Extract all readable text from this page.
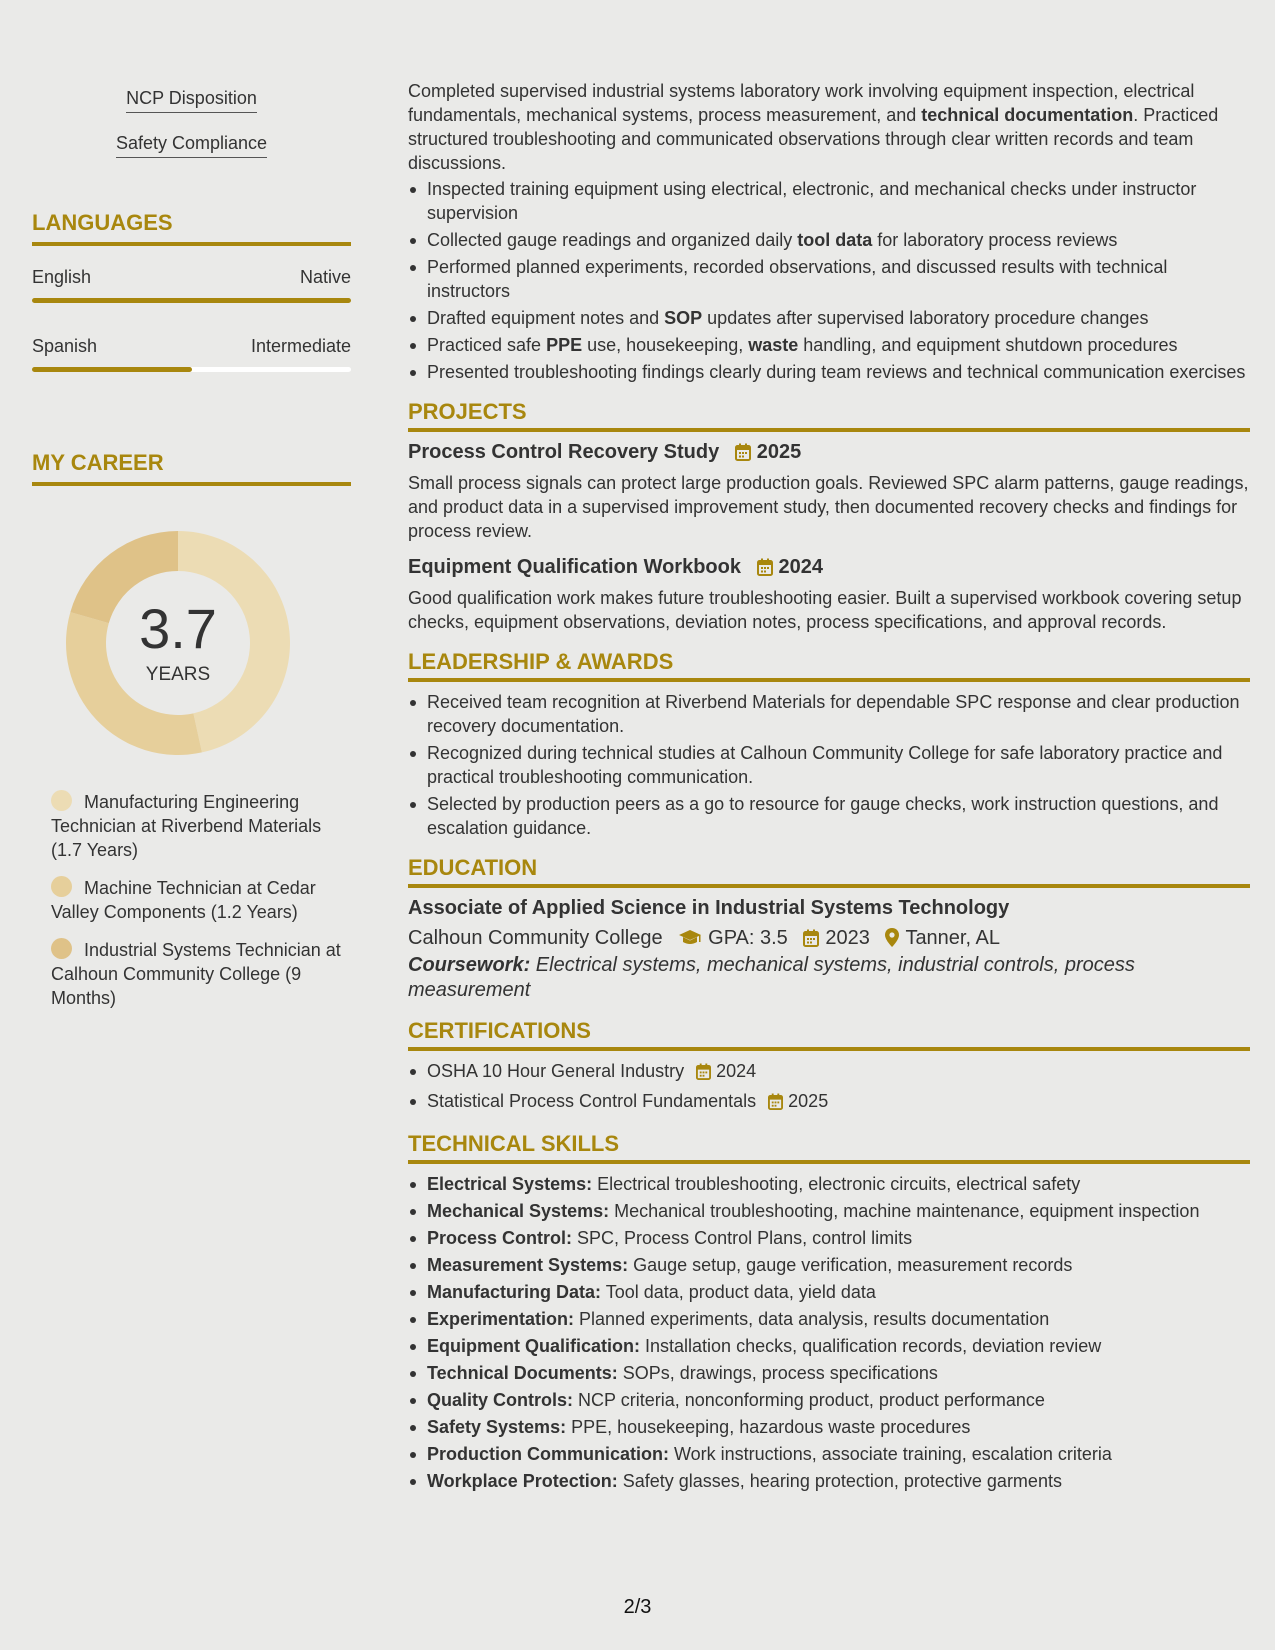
NCP Disposition
Safety Compliance
LANGUAGES
English	Native
Spanish	Intermediate
MY CAREER
3.7
YEARS
Manufacturing Engineering Technician at Riverbend Materials (1.7 Years)
Machine Technician at Cedar Valley Components (1.2 Years)
Industrial Systems Technician at Calhoun Community College (9 Months)

Completed supervised industrial systems laboratory work involving equipment inspection, electrical fundamentals, mechanical systems, process measurement, and technical documentation. Practiced structured troubleshooting and communicated observations through clear written records and team discussions.

Inspected training equipment using electrical, electronic, and mechanical checks under instructor supervision
Collected gauge readings and organized daily tool data for laboratory process reviews
Performed planned experiments, recorded observations, and discussed results with technical instructors
Drafted equipment notes and SOP updates after supervised laboratory procedure changes
Practiced safe PPE use, housekeeping, waste handling, and equipment shutdown procedures
Presented troubleshooting findings clearly during team reviews and technical communication exercises
PROJECTS
Process Control Recovery Study 2025

Small process signals can protect large production goals. Reviewed SPC alarm patterns, gauge readings, and product data in a supervised improvement study, then documented recovery checks and findings for process review.

Equipment Qualification Workbook 2024

Good qualification work makes future troubleshooting easier. Built a supervised workbook covering setup checks, equipment observations, deviation notes, process specifications, and approval records.

LEADERSHIP & AWARDS
Received team recognition at Riverbend Materials for dependable SPC response and clear production recovery documentation.
Recognized during technical studies at Calhoun Community College for safe laboratory practice and practical troubleshooting communication.
Selected by production peers as a go to resource for gauge checks, work instruction questions, and escalation guidance.
EDUCATION
Associate of Applied Science in Industrial Systems Technology
Calhoun Community College GPA: 3.5 2023 Tanner, AL

Coursework: Electrical systems, mechanical systems, industrial controls, process measurement

CERTIFICATIONS
OSHA 10 Hour General Industry 2024
Statistical Process Control Fundamentals 2025
TECHNICAL SKILLS
Electrical Systems: Electrical troubleshooting, electronic circuits, electrical safety
Mechanical Systems: Mechanical troubleshooting, machine maintenance, equipment inspection
Process Control: SPC, Process Control Plans, control limits
Measurement Systems: Gauge setup, gauge verification, measurement records
Manufacturing Data: Tool data, product data, yield data
Experimentation: Planned experiments, data analysis, results documentation
Equipment Qualification: Installation checks, qualification records, deviation review
Technical Documents: SOPs, drawings, process specifications
Quality Controls: NCP criteria, nonconforming product, product performance
Safety Systems: PPE, housekeeping, hazardous waste procedures
Production Communication: Work instructions, associate training, escalation criteria
Workplace Protection: Safety glasses, hearing protection, protective garments
2/3
